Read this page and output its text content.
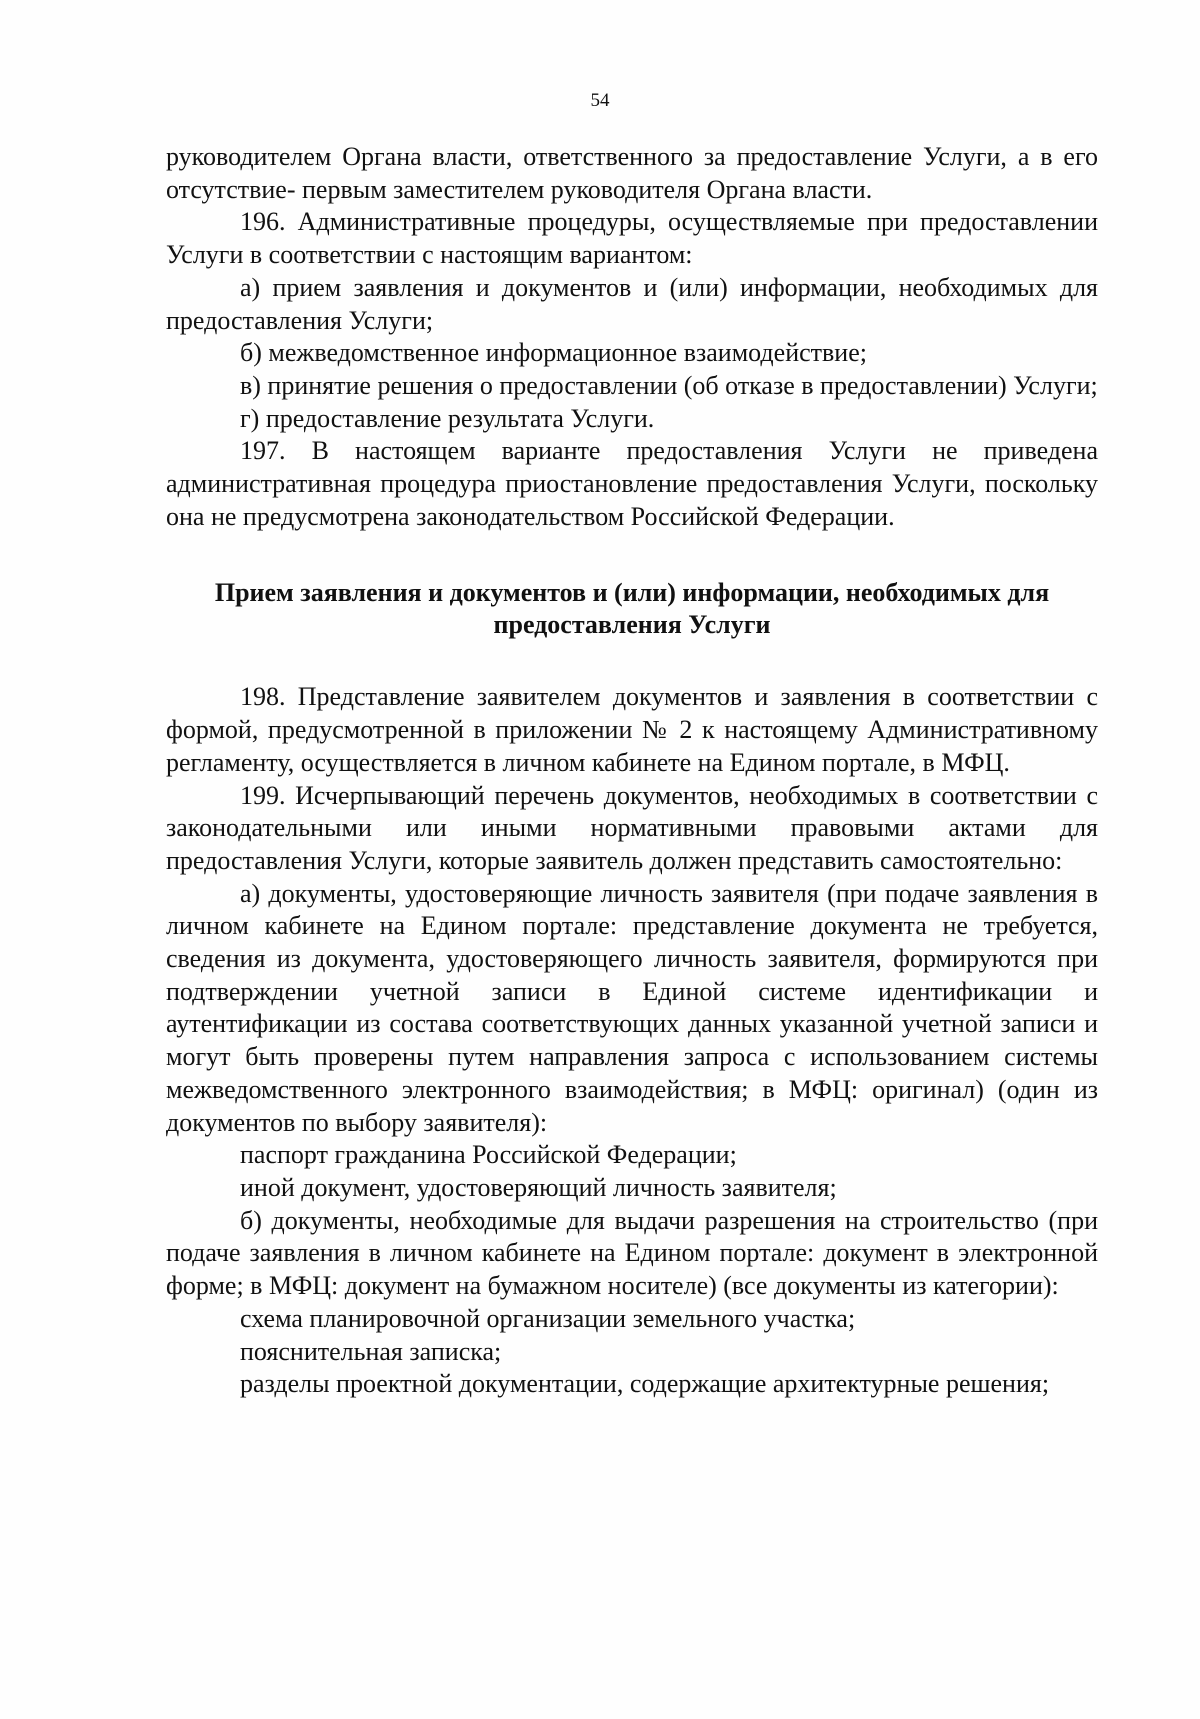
54

руководителем Органа власти, ответственного за предоставление Услуги, а в его отсутствие- первым заместителем руководителя Органа власти.

196. Административные процедуры, осуществляемые при предоставлении Услуги в соответствии с настоящим вариантом:

а) прием заявления и документов и (или) информации, необходимых для предоставления Услуги;

б) межведомственное информационное взаимодействие;

в) принятие решения о предоставлении (об отказе в предоставлении) Услуги;

г) предоставление результата Услуги.

197. В настоящем варианте предоставления Услуги не приведена административная процедура приостановление предоставления Услуги, поскольку она не предусмотрена законодательством Российской Федерации.

Прием заявления и документов и (или) информации, необходимых для предоставления Услуги

198. Представление заявителем документов и заявления в соответствии с формой, предусмотренной в приложении № 2 к настоящему Административному регламенту, осуществляется в личном кабинете на Едином портале, в МФЦ.

199. Исчерпывающий перечень документов, необходимых в соответствии с законодательными или иными нормативными правовыми актами для предоставления Услуги, которые заявитель должен представить самостоятельно:

а) документы, удостоверяющие личность заявителя (при подаче заявления в личном кабинете на Едином портале: представление документа не требуется, сведения из документа, удостоверяющего личность заявителя, формируются при подтверждении учетной записи в Единой системе идентификации и аутентификации из состава соответствующих данных указанной учетной записи и могут быть проверены путем направления запроса с использованием системы межведомственного электронного взаимодействия; в МФЦ: оригинал) (один из документов по выбору заявителя):

паспорт гражданина Российской Федерации;

иной документ, удостоверяющий личность заявителя;

б) документы, необходимые для выдачи разрешения на строительство (при подаче заявления в личном кабинете на Едином портале: документ в электронной форме; в МФЦ: документ на бумажном носителе) (все документы из категории):

схема планировочной организации земельного участка;

пояснительная записка;

разделы проектной документации, содержащие архитектурные решения;
